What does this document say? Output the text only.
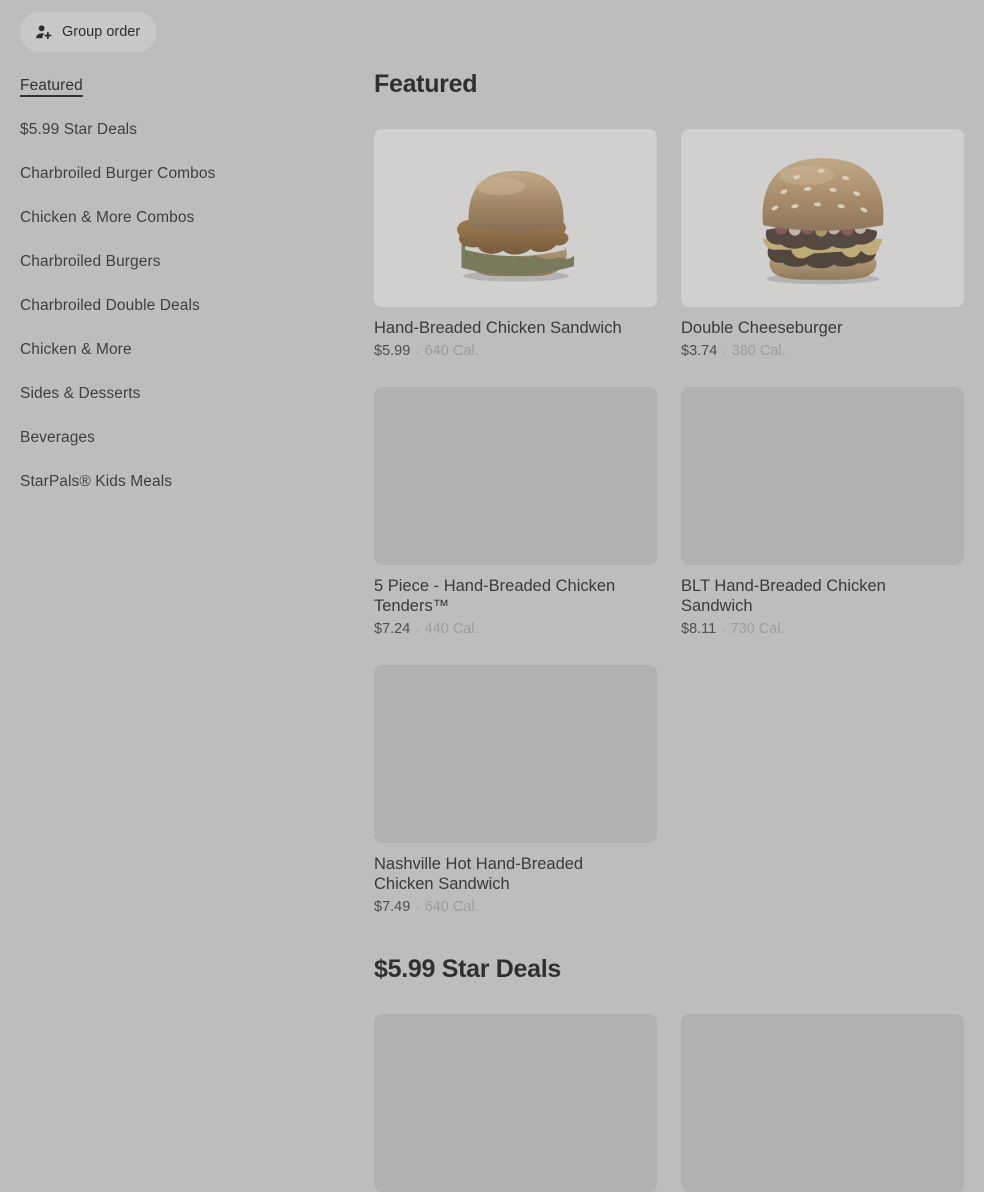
Group order
Featured
$5.99 Star Deals
Charbroiled Burger Combos
Chicken & More Combos
Charbroiled Burgers
Charbroiled Double Deals
Chicken & More
Sides & Desserts
Beverages
StarPals® Kids Meals
Featured
Hand-Breaded Chicken Sandwich
$5.99 · 640 Cal.
Double Cheeseburger
$3.74 · 380 Cal.
5 Piece - Hand-Breaded Chicken Tenders™
$7.24 · 440 Cal.
BLT Hand-Breaded Chicken Sandwich
$8.11 · 730 Cal.
Nashville Hot Hand-Breaded Chicken Sandwich
$7.49 · 640 Cal.
$5.99 Star Deals
